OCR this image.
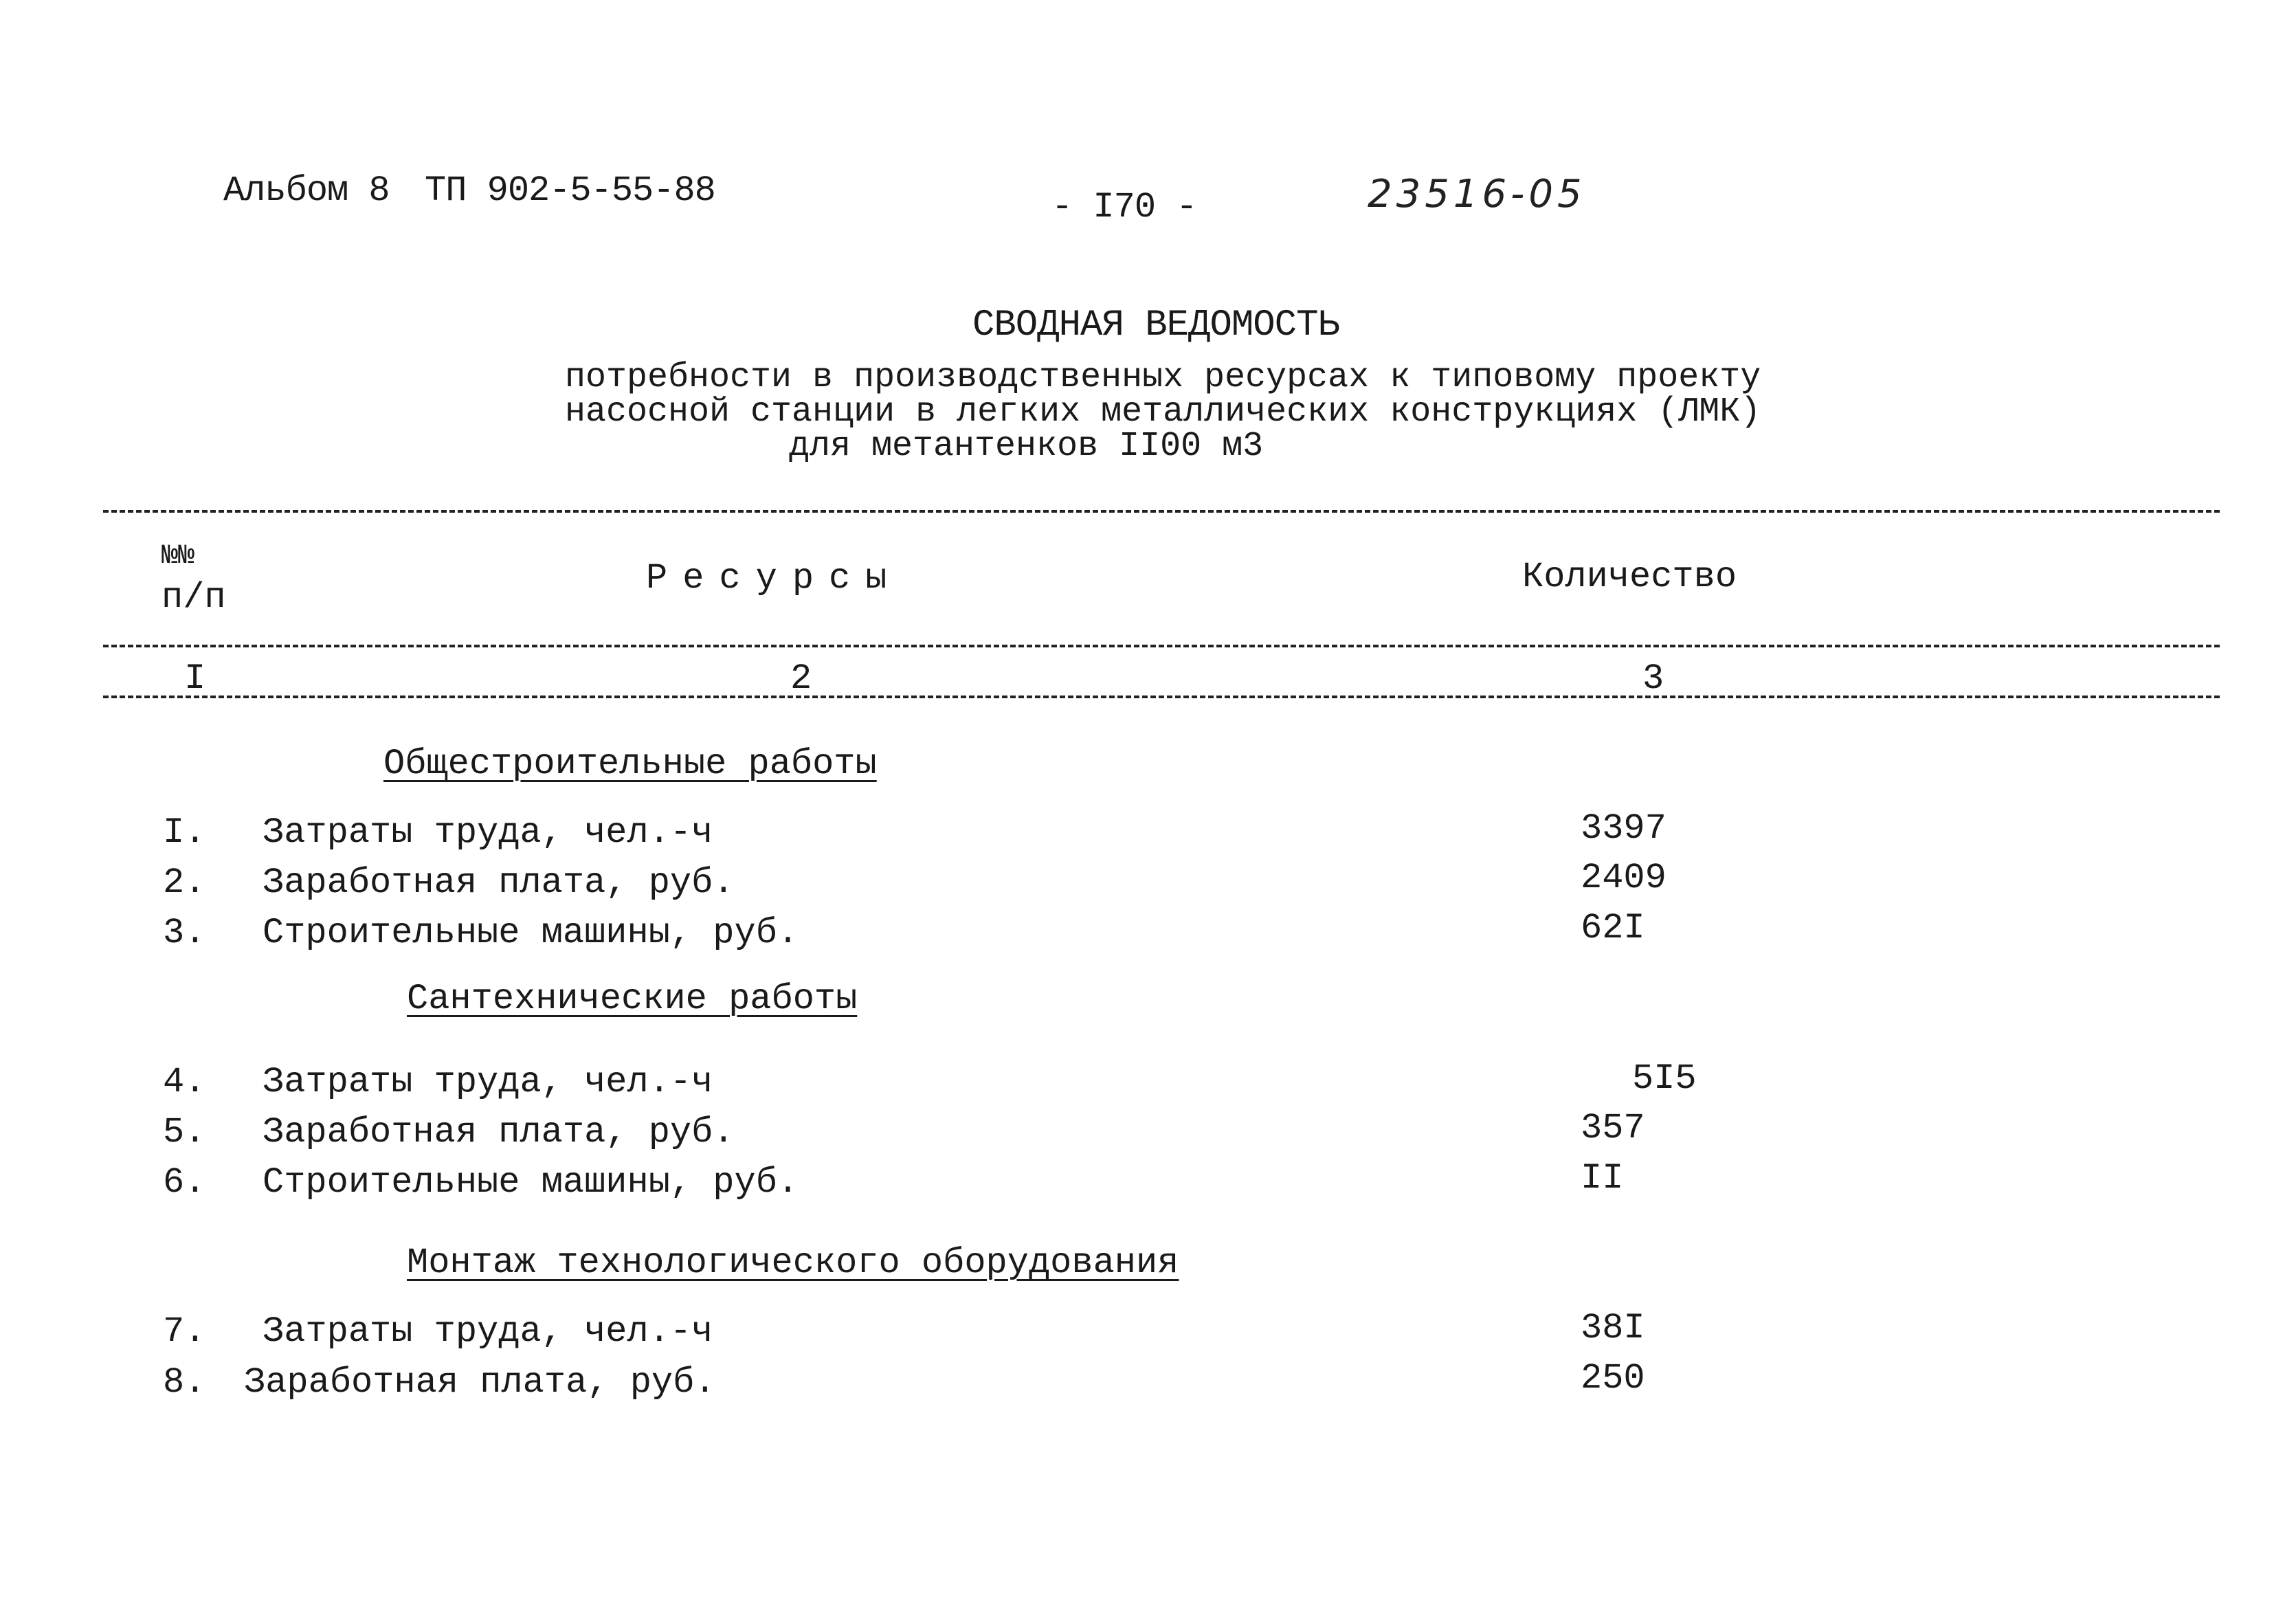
Альбом 8 ТП 902-5-55-88	- I70 -	23516-05
СВОДНАЯ ВЕДОМОСТЬ
потребности в производственных ресурсах к типовому проекту
насосной станции в легких металлических конструкциях (ЛМК)
для метантенков II00 м3
№№
п/п	Ресурсы	Количество
I	2	3
Общестроительные работы
I. Затраты труда, чел.-ч	3397
2. Заработная плата, руб.	2409
3. Строительные машины, руб.	62I
Сантехнические работы
4. Затраты труда, чел.-ч	5I5
5. Заработная плата, руб.	357
6. Строительные машины, руб.	II
Монтаж технологического оборудования
7. Затраты труда, чел.-ч	38I
8. Заработная плата, руб.	250
